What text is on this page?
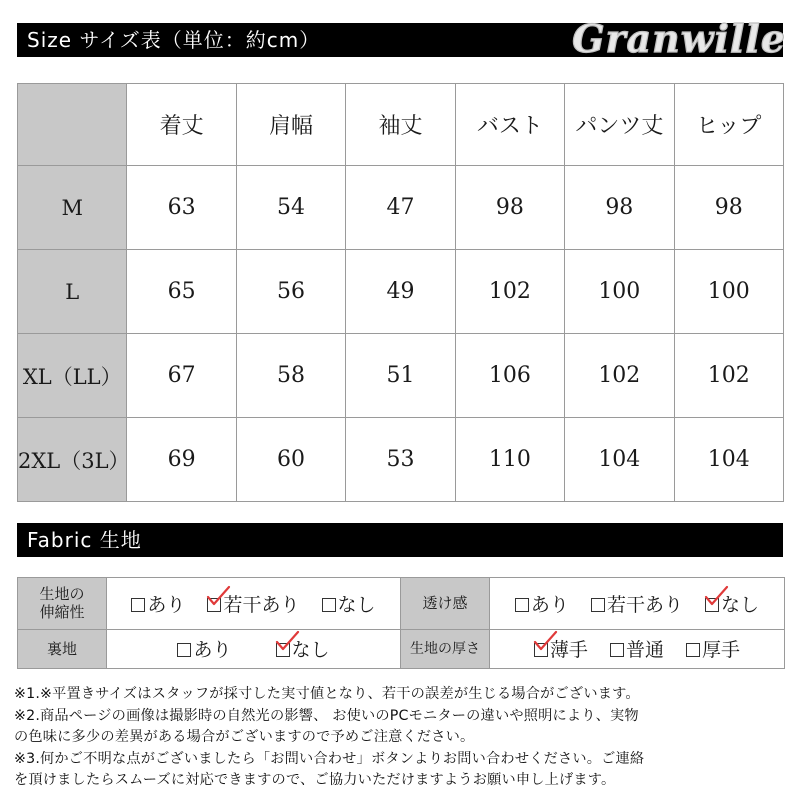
Size サイズ表（単位：約cm）	Granwille
	着丈	肩幅	袖丈	バスト	パンツ丈	ヒップ
M	63	54	47	98	98	98
L	65	56	49	102	100	100
XL（LL）	67	58	51	106	102	102
2XL（3L）	69	60	53	110	104	104
Fabric 生地
生地の伸縮性	あり 若干あり なし	透け感	あり 若干あり なし
裏地	あり なし	生地の厚さ	薄手 普通 厚手
※1.※平置きサイズはスタッフが採寸した実寸値となり、若干の誤差が生じる場合がございます。
※2.商品ページの画像は撮影時の自然光の影響、 お使いのPCモニターの違いや照明により、実物
の色味に多少の差異がある場合がございますので予めご注意ください。
※3.何かご不明な点がございましたら「お問い合わせ」ボタンよりお問い合わせください。ご連絡
を頂けましたらスムーズに対応できますので、ご協力いただけますようお願い申し上げます。
